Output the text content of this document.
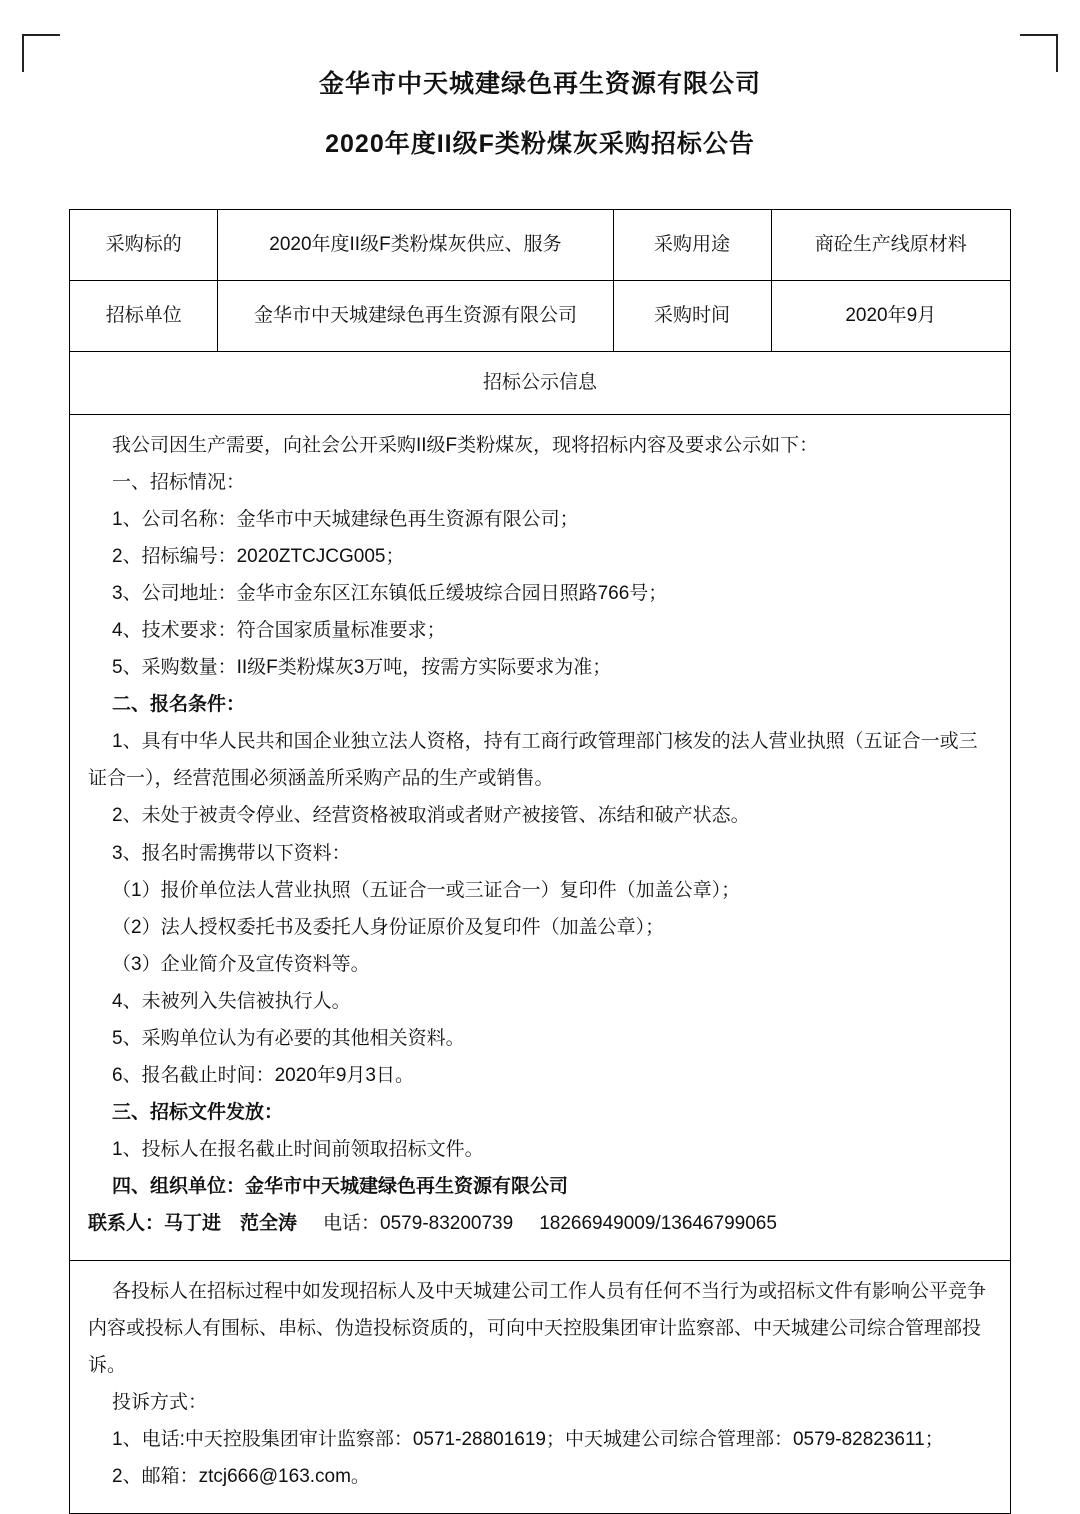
金华市中天城建绿色再生资源有限公司
2020年度II级F类粉煤灰采购招标公告
采购标的	2020年度II级F类粉煤灰供应、服务	采购用途	商砼生产线原材料
招标单位	金华市中天城建绿色再生资源有限公司	采购时间	2020年9月
招标公示信息			

我公司因生产需要，向社会公开采购II级F类粉煤灰，现将招标内容及要求公示如下：
一、招标情况：
1、公司名称：金华市中天城建绿色再生资源有限公司；
2、招标编号：2020ZTCJCG005；
3、公司地址：金华市金东区江东镇低丘缓坡综合园日照路766号；
4、技术要求：符合国家质量标准要求；
5、采购数量：II级F类粉煤灰3万吨，按需方实际要求为准；
二、报名条件：
1、具有中华人民共和国企业独立法人资格，持有工商行政管理部门核发的法人营业执照（五证合一或三证合一），经营范围必须涵盖所采购产品的生产或销售。
2、未处于被责令停业、经营资格被取消或者财产被接管、冻结和破产状态。
3、报名时需携带以下资料：
（1）报价单位法人营业执照（五证合一或三证合一）复印件（加盖公章）；
（2）法人授权委托书及委托人身份证原价及复印件（加盖公章）；
（3）企业简介及宣传资料等。
4、未被列入失信被执行人。
5、采购单位认为有必要的其他相关资料。
6、报名截止时间：2020年9月3日。
三、招标文件发放：
1、投标人在报名截止时间前领取招标文件。
四、组织单位：金华市中天城建绿色再生资源有限公司
联系人：马丁进　范全涛 电话：0579-83200739 18266949009/13646799065

各投标人在招标过程中如发现招标人及中天城建公司工作人员有任何不当行为或招标文件有影响公平竞争内容或投标人有围标、串标、伪造投标资质的，可向中天控股集团审计监察部、中天城建公司综合管理部投诉。
投诉方式：
1、电话:中天控股集团审计监察部：0571-28801619；中天城建公司综合管理部：0579-82823611；
2、邮箱：ztcj666@163.com。			
